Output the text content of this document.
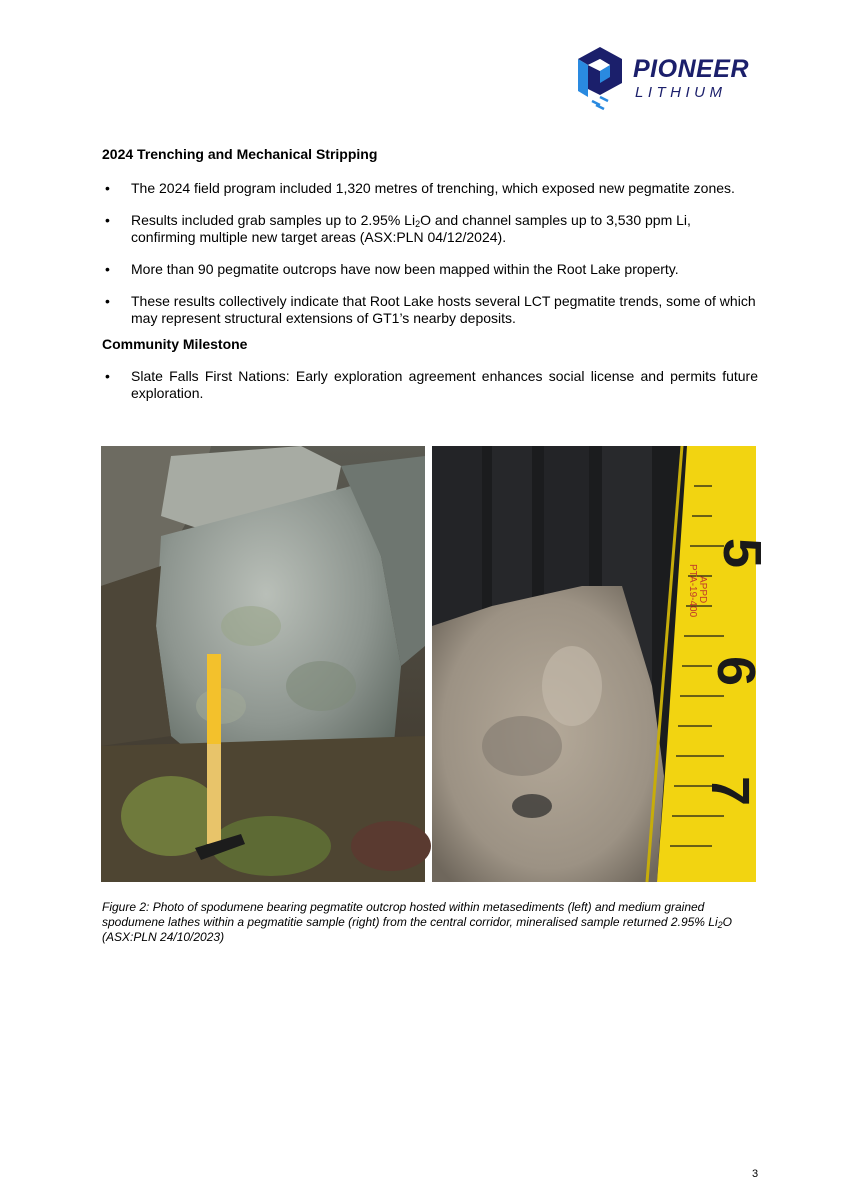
PIONEER
LITHIUM
2024 Trenching and Mechanical Stripping
• The 2024 field program included 1,320 metres of trenching, which exposed new pegmatite zones.
• Results included grab samples up to 2.95% $Li_2O$ and channel samples up to 3,530 ppm Li, confirming multiple new target areas (ASX:PLN 04/12/2024).
• More than 90 pegmatite outcrops have now been mapped within the Root Lake property.
• These results collectively indicate that Root Lake hosts several LCT pegmatite trends, some of which may represent structural extensions of GT1’s nearby deposits.
Community Milestone
• Slate Falls First Nations: Early exploration agreement enhances social license and permits future exploration.
5
6
7
APPD
PTA-19-400

Figure 2: Photo of spodumene bearing pegmatite outcrop hosted within metasediments (left) and medium grained spodumene lathes within a pegmatitie sample (right) from the central corridor, mineralised sample returned 2.95% $Li_2O$ (ASX:PLN 24/10/2023)

3
